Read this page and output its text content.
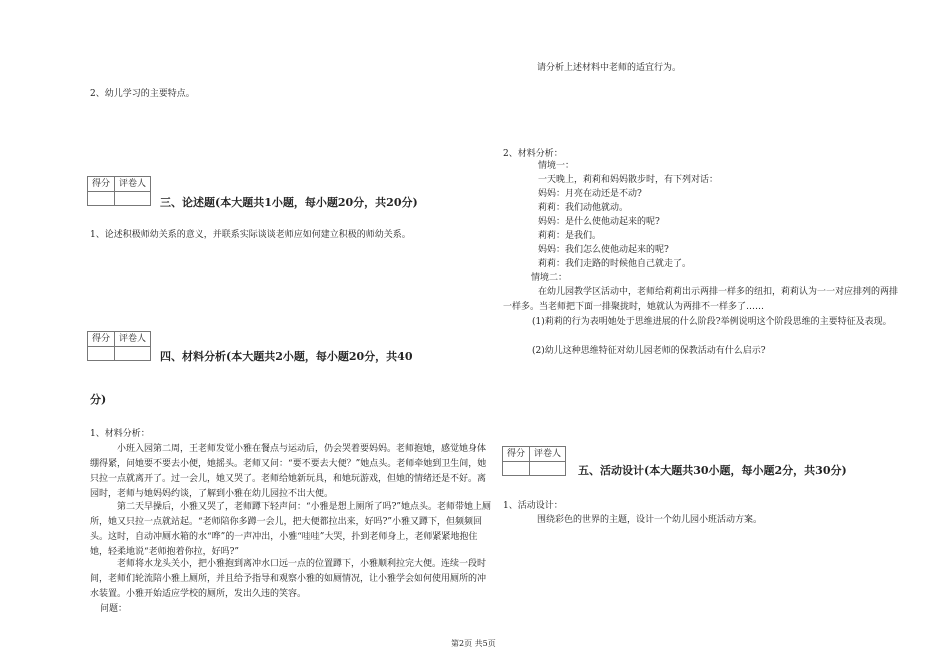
2、幼儿学习的主要特点。
得分	评卷人

三、论述题(本大题共1小题，每小题20分，共20分)
1、论述积极师幼关系的意义，并联系实际谈谈老师应如何建立积极的师幼关系。
得分	评卷人

四、材料分析(本大题共2小题，每小题20分，共40
分)
1、材料分析：
小班入园第二周，王老师发觉小雅在餐点与运动后，仍会哭着要妈妈。老师抱她，感觉她身体绷得紧，问她要不要去小便，她摇头。老师又问：“要不要去大便？”她点头。老师牵她到卫生间，她只拉一点就离开了。过一会儿，她又哭了。老师给她新玩具，和她玩游戏，但她的情绪还是不好。离园时，老师与她妈妈约谈，了解到小雅在幼儿园拉不出大便。
第二天早操后，小雅又哭了，老师蹲下轻声问：“小雅是想上厕所了吗?”她点头。老师带她上厕所，她又只拉一点就站起。“老师陪你多蹲一会儿，把大便都拉出来，好吗?”小雅又蹲下，但频频回头。这时，自动冲厕水箱的水“哗”的一声冲出，小雅“哇哇”大哭，扑到老师身上，老师紧紧地抱住她，轻柔地说“老师抱着你拉，好吗?”
老师将水龙头关小，把小雅抱到离冲水口远一点的位置蹲下，小雅顺利拉完大便。连续一段时间，老师们轮流陪小雅上厕所，并且给予指导和观察小雅的如厕情况，让小雅学会如何使用厕所的冲水装置。小雅开始适应学校的厕所，发出久违的笑容。
问题：
请分析上述材料中老师的适宜行为。
2、材料分析：
情境一：
一天晚上，莉莉和妈妈散步时，有下列对话：
妈妈：月亮在动还是不动?
莉莉：我们动他就动。
妈妈：是什么使他动起来的呢?
莉莉：是我们。
妈妈：我们怎么使他动起来的呢?
莉莉：我们走路的时候他自己就走了。
情境二：
在幼儿园教学区活动中，老师给莉莉出示两排一样多的纽扣，莉莉认为一一对应排列的两排一样多。当老师把下面一排聚拢时，她就认为两排不一样多了……
(1)莉莉的行为表明她处于思维进展的什么阶段?举例说明这个阶段思维的主要特征及表现。
(2)幼儿这种思维特征对幼儿园老师的保教活动有什么启示?
得分	评卷人

五、活动设计(本大题共30小题，每小题2分，共30分)
1、活动设计：
围绕彩色的世界的主题，设计一个幼儿园小班活动方案。
第2页 共5页
